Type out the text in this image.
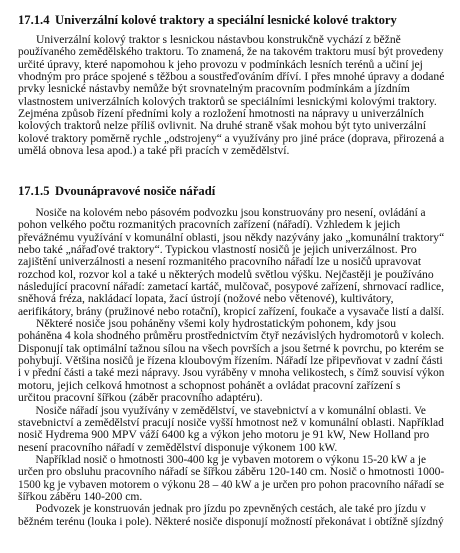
17.1.4 Univerzální kolové traktory a speciální lesnické kolové traktory
Univerzální kolový traktor s lesnickou nástavbou konstrukčně vychází z běžně
používaného zemědělského traktoru. To znamená, že na takovém traktoru musí být provedeny
určité úpravy, které napomohou k jeho provozu v podmínkách lesních terénů a učiní jej
vhodným pro práce spojené s těžbou a soustřeďováním dříví. I přes mnohé úpravy a dodané
prvky lesnické nástavby nemůže být srovnatelným pracovním podmínkám a jízdním
vlastnostem univerzálních kolových traktorů se speciálními lesnickými kolovými traktory.
Zejména způsob řízení předními koly a rozložení hmotnosti na nápravy u univerzálních
kolových traktorů nelze příliš ovlivnit. Na druhé straně však mohou být tyto univerzální
kolové traktory poměrně rychle „odstrojeny“ a využívány pro jiné práce (doprava, přirozená a
umělá obnova lesa apod.) a také při pracích v zemědělství.
17.1.5 Dvounápravové nosiče nářadí
Nosiče na kolovém nebo pásovém podvozku jsou konstruovány pro nesení, ovládání a
pohon velkého počtu rozmanitých pracovních zařízení (nářadí). Vzhledem k jejich
převážnému využívání v komunální oblasti, jsou někdy nazývány jako „komunální traktory“
nebo také „nářaďové traktory“. Typickou vlastností nosičů je jejich univerzálnost. Pro
zajištění univerzálnosti a nesení rozmanitého pracovního nářadí lze u nosičů upravovat
rozchod kol, rozvor kol a také u některých modelů světlou výšku. Nejčastěji je používáno
následující pracovní nářadí: zametací kartáč, mulčovač, posypové zařízení, shrnovací radlice,
sněhová fréza, nakládací lopata, žací ústrojí (nožové nebo větenové), kultivátory,
aerifikátory, brány (pružinové nebo rotační), kropicí zařízení, foukače a vysavače listí a další.
Některé nosiče jsou poháněny všemi koly hydrostatickým pohonem, kdy jsou
poháněna 4 kola shodného průměru prostřednictvím čtyř nezávislých hydromotorů v kolech.
Disponují tak optimální tažnou sílou na všech površích a jsou šetrné k povrchu, po kterém se
pohybují. Většina nosičů je řízena kloubovým řízením. Nářadí lze připevňovat v zadní části
i v přední části a také mezi nápravy. Jsou vyráběny v mnoha velikostech, s čímž souvisí výkon
motoru, jejich celková hmotnost a schopnost pohánět a ovládat pracovní zařízení s
určitou pracovní šířkou (záběr pracovního adaptéru).
Nosiče nářadí jsou využívány v zemědělství, ve stavebnictví a v komunální oblasti. Ve
stavebnictví a zemědělství pracují nosiče vyšší hmotnost než v komunální oblasti. Například
nosič Hydrema 900 MPV váží 6400 kg a výkon jeho motoru je 91 kW, New Holland pro
nesení pracovního nářadí v zemědělství disponuje výkonem 100 kW.
Například nosič o hmotnosti 300-400 kg je vybaven motorem o výkonu 15-20 kW a je
určen pro obsluhu pracovního nářadí se šířkou záběru 120-140 cm. Nosič o hmotnosti 1000-
1500 kg je vybaven motorem o výkonu 28 – 40 kW a je určen pro pohon pracovního nářadí se
šířkou záběru 140-200 cm.
Podvozek je konstruován jednak pro jízdu po zpevněných cestách, ale také pro jízdu v
běžném terénu (louka i pole). Některé nosiče disponují možností překonávat i obtížně sjízdný
